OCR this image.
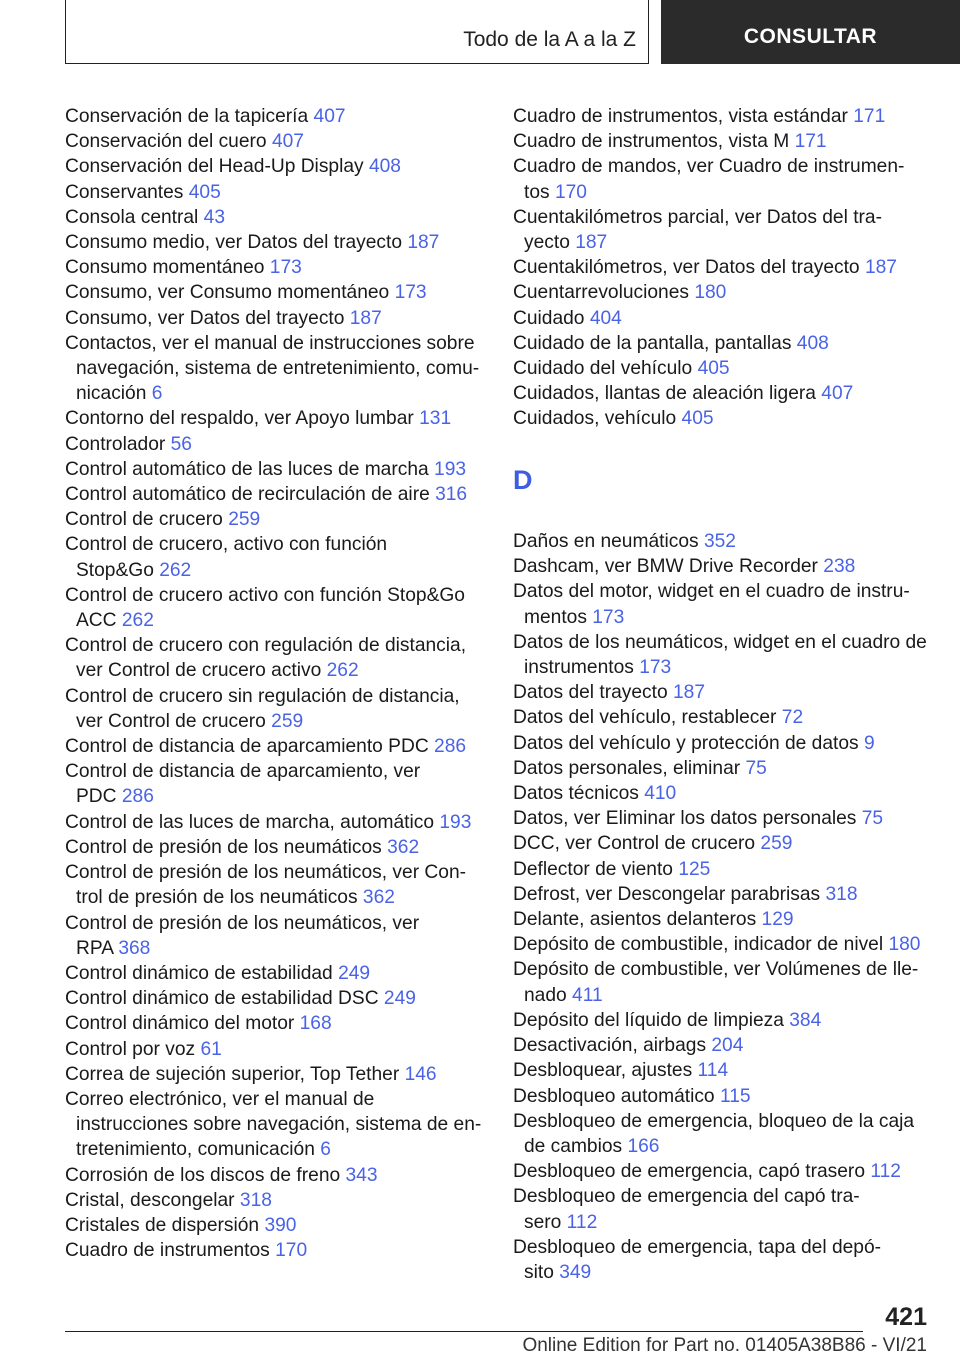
Todo de la A a la Z	CONSULTAR
Conservación de la tapicería 407
Conservación del cuero 407
Conservación del Head-Up Display 408
Conservantes 405
Consola central 43
Consumo medio, ver Datos del trayecto 187
Consumo momentáneo 173
Consumo, ver Consumo momentáneo 173
Consumo, ver Datos del trayecto 187
Contactos, ver el manual de instrucciones sobre
navegación, sistema de entretenimiento, comu-
nicación 6
Contorno del respaldo, ver Apoyo lumbar 131
Controlador 56
Control automático de las luces de marcha 193
Control automático de recirculación de aire 316
Control de crucero 259
Control de crucero, activo con función
Stop&Go 262
Control de crucero activo con función Stop&Go
ACC 262
Control de crucero con regulación de distancia,
ver Control de crucero activo 262
Control de crucero sin regulación de distancia,
ver Control de crucero 259
Control de distancia de aparcamiento PDC 286
Control de distancia de aparcamiento, ver
PDC 286
Control de las luces de marcha, automático 193
Control de presión de los neumáticos 362
Control de presión de los neumáticos, ver Con-
trol de presión de los neumáticos 362
Control de presión de los neumáticos, ver
RPA 368
Control dinámico de estabilidad 249
Control dinámico de estabilidad DSC 249
Control dinámico del motor 168
Control por voz 61
Correa de sujeción superior, Top Tether 146
Correo electrónico, ver el manual de
instrucciones sobre navegación, sistema de en-
tretenimiento, comunicación 6
Corrosión de los discos de freno 343
Cristal, descongelar 318
Cristales de dispersión 390
Cuadro de instrumentos 170
Cuadro de instrumentos, vista estándar 171
Cuadro de instrumentos, vista M 171
Cuadro de mandos, ver Cuadro de instrumen-
tos 170
Cuentakilómetros parcial, ver Datos del tra-
yecto 187
Cuentakilómetros, ver Datos del trayecto 187
Cuentarrevoluciones 180
Cuidado 404
Cuidado de la pantalla, pantallas 408
Cuidado del vehículo 405
Cuidados, llantas de aleación ligera 407
Cuidados, vehículo 405
D
Daños en neumáticos 352
Dashcam, ver BMW Drive Recorder 238
Datos del motor, widget en el cuadro de instru-
mentos 173
Datos de los neumáticos, widget en el cuadro de
instrumentos 173
Datos del trayecto 187
Datos del vehículo, restablecer 72
Datos del vehículo y protección de datos 9
Datos personales, eliminar 75
Datos técnicos 410
Datos, ver Eliminar los datos personales 75
DCC, ver Control de crucero 259
Deflector de viento 125
Defrost, ver Descongelar parabrisas 318
Delante, asientos delanteros 129
Depósito de combustible, indicador de nivel 180
Depósito de combustible, ver Volúmenes de lle-
nado 411
Depósito del líquido de limpieza 384
Desactivación, airbags 204
Desbloquear, ajustes 114
Desbloqueo automático 115
Desbloqueo de emergencia, bloqueo de la caja
de cambios 166
Desbloqueo de emergencia, capó trasero 112
Desbloqueo de emergencia del capó tra-
sero 112
Desbloqueo de emergencia, tapa del depó-
sito 349
421
Online Edition for Part no. 01405A38B86 - VI/21
